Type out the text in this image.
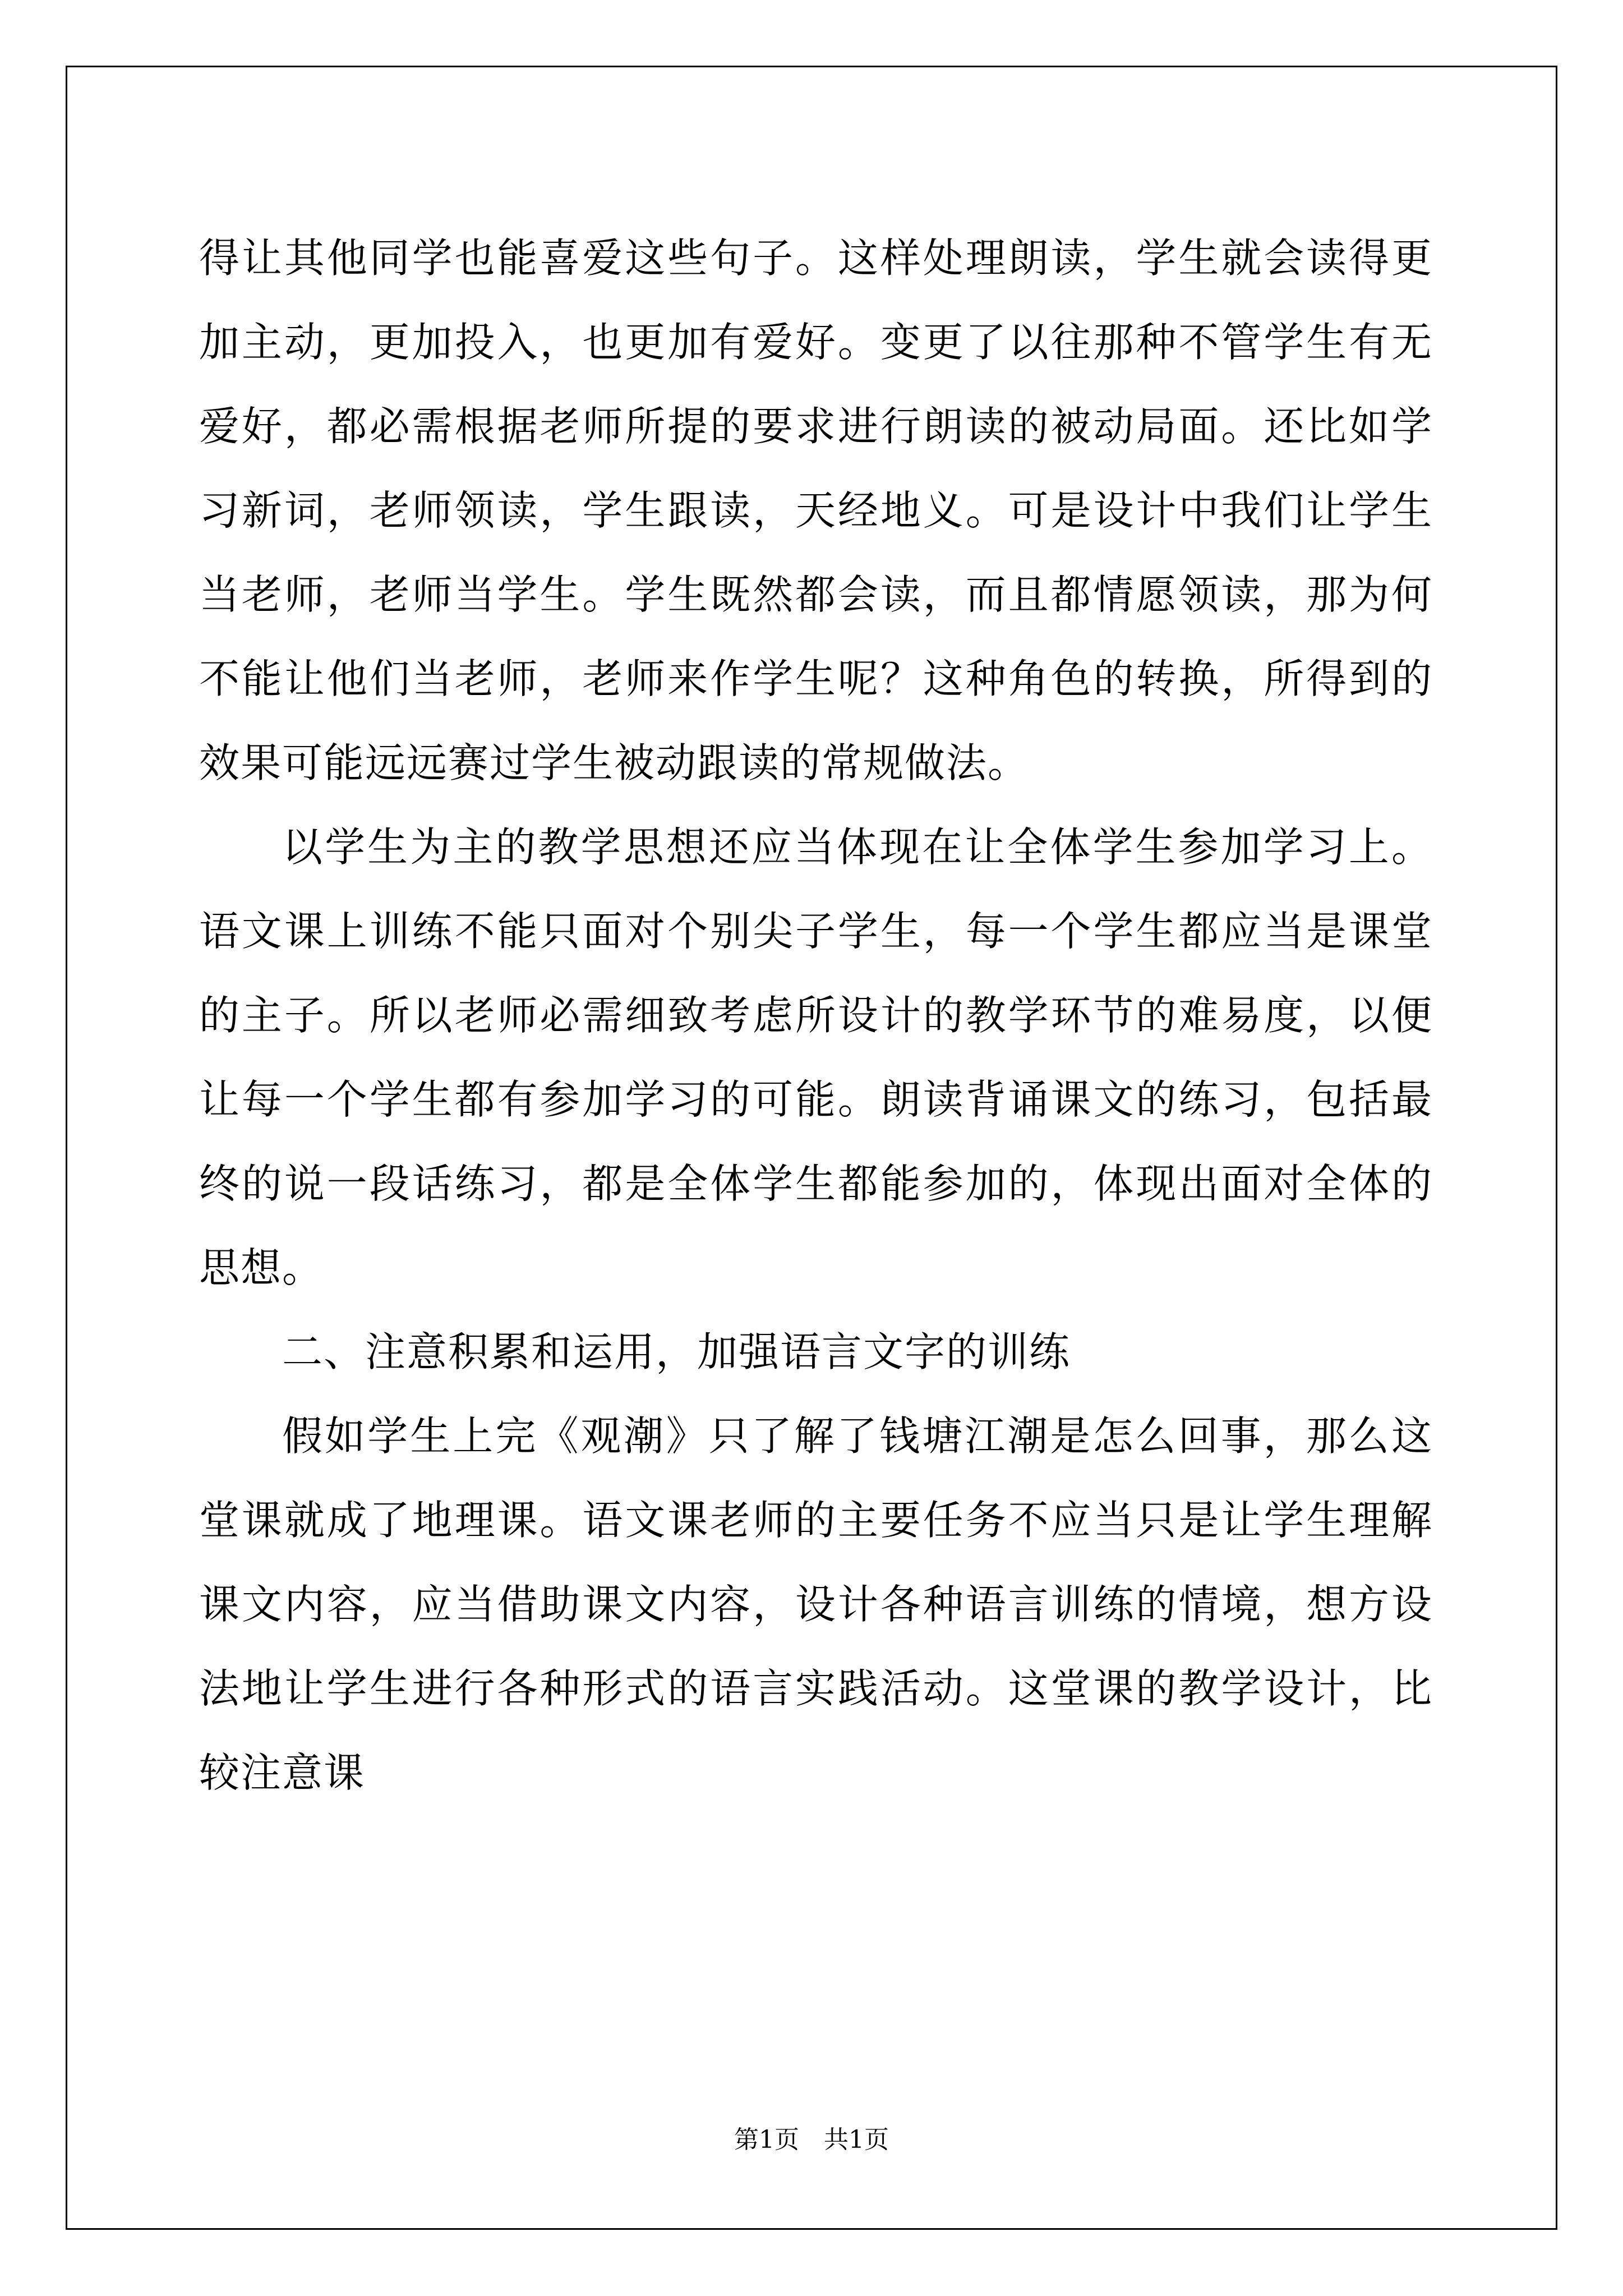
得让其他同学也能喜爱这些句子。这样处理朗读，学生就会读得更加主动，更加投入，也更加有爱好。变更了以往那种不管学生有无爱好，都必需根据老师所提的要求进行朗读的被动局面。还比如学习新词，老师领读，学生跟读，天经地义。可是设计中我们让学生当老师，老师当学生。学生既然都会读，而且都情愿领读，那为何不能让他们当老师，老师来作学生呢？这种角色的转换，所得到的效果可能远远赛过学生被动跟读的常规做法。

以学生为主的教学思想还应当体现在让全体学生参加学习上。语文课上训练不能只面对个别尖子学生，每一个学生都应当是课堂的主子。所以老师必需细致考虑所设计的教学环节的难易度，以便让每一个学生都有参加学习的可能。朗读背诵课文的练习，包括最终的说一段话练习，都是全体学生都能参加的，体现出面对全体的思想。

二、注意积累和运用，加强语言文字的训练

假如学生上完《观潮》只了解了钱塘江潮是怎么回事，那么这堂课就成了地理课。语文课老师的主要任务不应当只是让学生理解课文内容，应当借助课文内容，设计各种语言训练的情境，想方设法地让学生进行各种形式的语言实践活动。这堂课的教学设计，比较注意课

第1页　共1页
